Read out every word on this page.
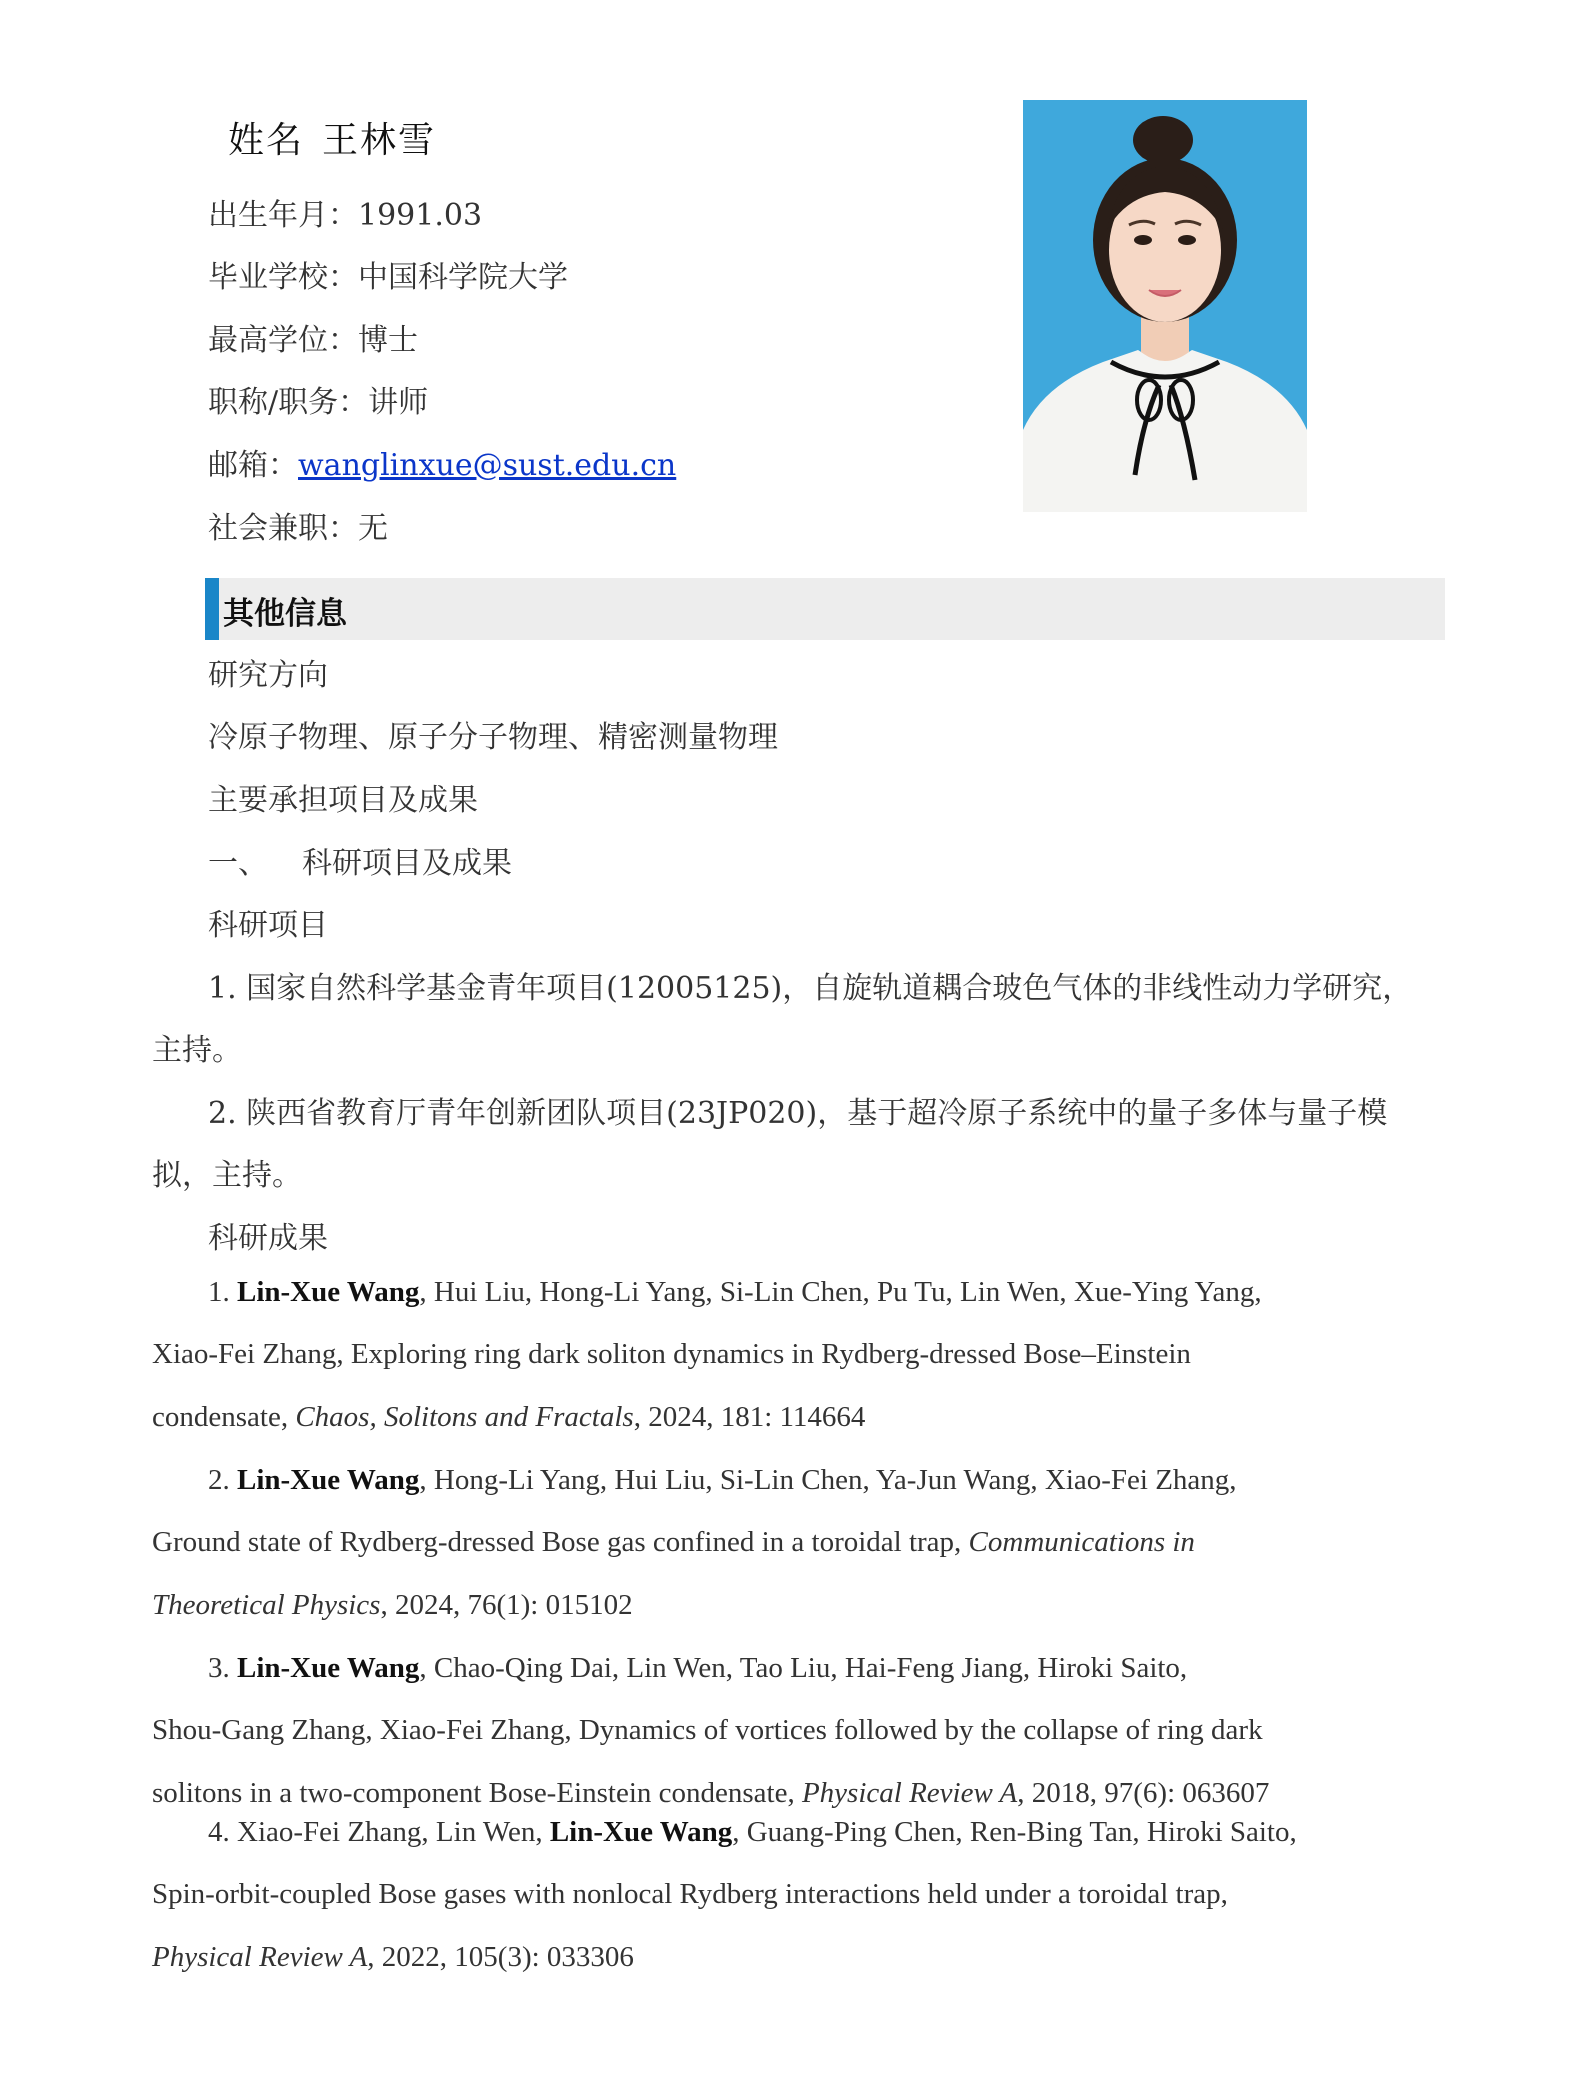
姓名 王林雪
出生年月：1991.03
毕业学校：中国科学院大学
最高学位：博士
职称/职务：讲师
邮箱：wanglinxue@sust.edu.cn
社会兼职：无
其他信息
研究方向
冷原子物理、原子分子物理、精密测量物理
主要承担项目及成果
一、 科研项目及成果
科研项目
1. 国家自然科学基金青年项目(12005125)，自旋轨道耦合玻色气体的非线性动力学研究，
主持。
2. 陕西省教育厅青年创新团队项目(23JP020)，基于超冷原子系统中的量子多体与量子模
拟，主持。
科研成果
1. Lin-Xue Wang, Hui Liu, Hong-Li Yang, Si-Lin Chen, Pu Tu, Lin Wen, Xue-Ying Yang,
Xiao-Fei Zhang, Exploring ring dark soliton dynamics in Rydberg-dressed Bose–Einstein
condensate, Chaos, Solitons and Fractals, 2024, 181: 114664
2. Lin-Xue Wang, Hong-Li Yang, Hui Liu, Si-Lin Chen, Ya-Jun Wang, Xiao-Fei Zhang,
Ground state of Rydberg-dressed Bose gas confined in a toroidal trap, Communications in
Theoretical Physics, 2024, 76(1): 015102
3. Lin-Xue Wang, Chao-Qing Dai, Lin Wen, Tao Liu, Hai-Feng Jiang, Hiroki Saito,
Shou-Gang Zhang, Xiao-Fei Zhang, Dynamics of vortices followed by the collapse of ring dark
solitons in a two-component Bose-Einstein condensate, Physical Review A, 2018, 97(6): 063607
4. Xiao-Fei Zhang, Lin Wen, Lin-Xue Wang, Guang-Ping Chen, Ren-Bing Tan, Hiroki Saito,
Spin-orbit-coupled Bose gases with nonlocal Rydberg interactions held under a toroidal trap,
Physical Review A, 2022, 105(3): 033306
